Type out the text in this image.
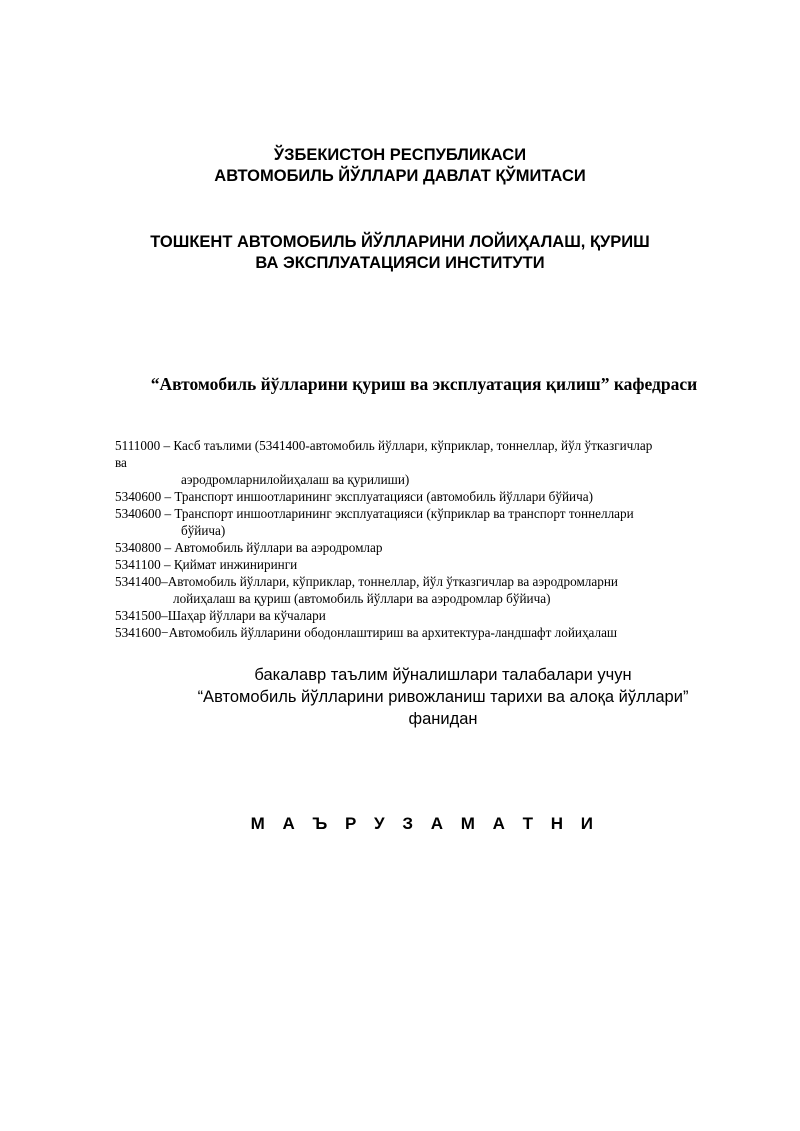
ЎЗБЕКИСТОН РЕСПУБЛИКАСИ
АВТОМОБИЛЬ ЙЎЛЛАРИ ДАВЛАТ ҚЎМИТАСИ
ТОШКЕНТ АВТОМОБИЛЬ ЙЎЛЛАРИНИ ЛОЙИҲАЛАШ, ҚУРИШ
ВА ЭКСПЛУАТАЦИЯСИ ИНСТИТУТИ
“Автомобиль йўлларини қуриш ва эксплуатация қилиш” кафедраси
5111000 – Касб таълими (5341400-автомобиль йўллари, кўприклар, тоннеллар, йўл ўтказгичлар
ва
аэродромларнилойиҳалаш ва қурилиши)
5340600 – Транспорт иншоотларининг эксплуатацияси (автомобиль йўллари бўйича)
5340600 – Транспорт иншоотларининг эксплуатацияси (кўприклар ва транспорт тоннеллари
бўйича)
5340800 – Автомобиль йўллари ва аэродромлар
5341100 – Қиймат инжиниринги
5341400–Автомобиль йўллари, кўприклар, тоннеллар, йўл ўтказгичлар ва аэродромларни
лойиҳалаш ва қуриш (автомобиль йўллари ва аэродромлар бўйича)
5341500–Шаҳар йўллари ва кўчалари
5341600−Автомобиль йўлларини ободонлаштириш ва архитектура-ландшафт лойиҳалаш
бакалавр таълим йўналишлари талабалари учун
“Автомобиль йўлларини ривожланиш тарихи ва алоқа йўллари”
фанидан
М А Ъ Р У З А М А Т Н И
